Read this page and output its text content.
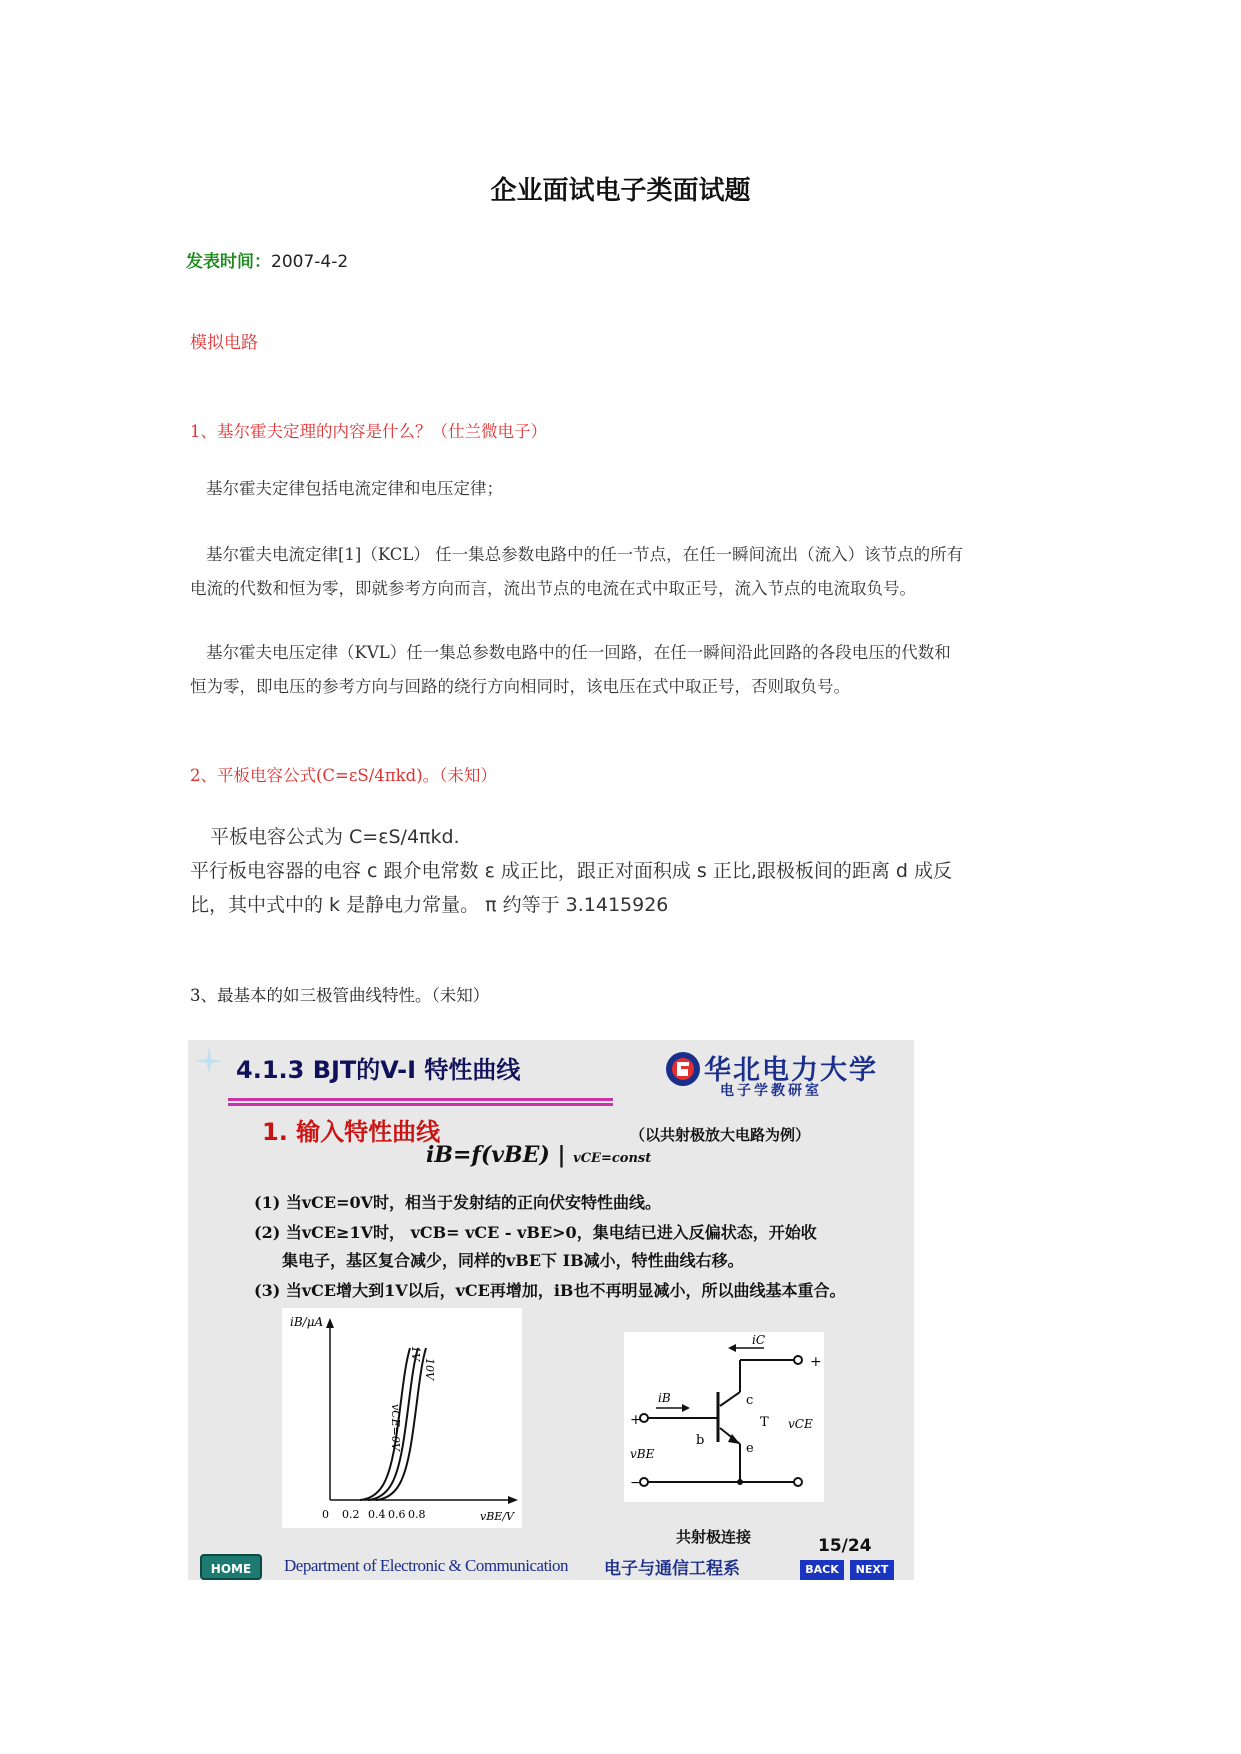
企业面试电子类面试题
发表时间：2007-4-2
模拟电路
1、基尔霍夫定理的内容是什么？（仕兰微电子）
基尔霍夫定律包括电流定律和电压定律；
基尔霍夫电流定律[1]（KCL） 任一集总参数电路中的任一节点，在任一瞬间流出（流入）该节点的所有
电流的代数和恒为零，即就参考方向而言，流出节点的电流在式中取正号，流入节点的电流取负号。
基尔霍夫电压定律（KVL）任一集总参数电路中的任一回路，在任一瞬间沿此回路的各段电压的代数和
恒为零，即电压的参考方向与回路的绕行方向相同时，该电压在式中取正号，否则取负号。
2、平板电容公式(C=εS/4πkd)。（未知）
平板电容公式为 C=εS/4πkd.
平行板电容器的电容 c 跟介电常数 ε 成正比，跟正对面积成 s 正比,跟极板间的距离 d 成反
比，其中式中的 k 是静电力常量。 π 约等于 3.1415926
3、最基本的如三极管曲线特性。（未知）
4.1.3 BJT的V-I 特性曲线	华北电力大学
电子学教研室
1. 输入特性曲线	（以共射极放大电路为例）
iB=f(vBE) | vCE=const
(1) 当vCE=0V时，相当于发射结的正向伏安特性曲线。
(2) 当vCE≥1V时， vCB= vCE - vBE>0，集电结已进入反偏状态，开始收
集电子，基区复合减少，同样的vBE下 IB减小，特性曲线右移。
(3) 当vCE增大到1V以后，vCE再增加，iB也不再明显减小，所以曲线基本重合。
iB/μA
vBE/V
0 0.2 0.4 0.6 0.8
vCE=0V
1V
10V
iC
iB	c
b
e
T vCE
vBE
+
+
−
共射极连接	15/24
HOME	Department of Electronic & Communication 电子与通信工程系	BACK	NEXT
